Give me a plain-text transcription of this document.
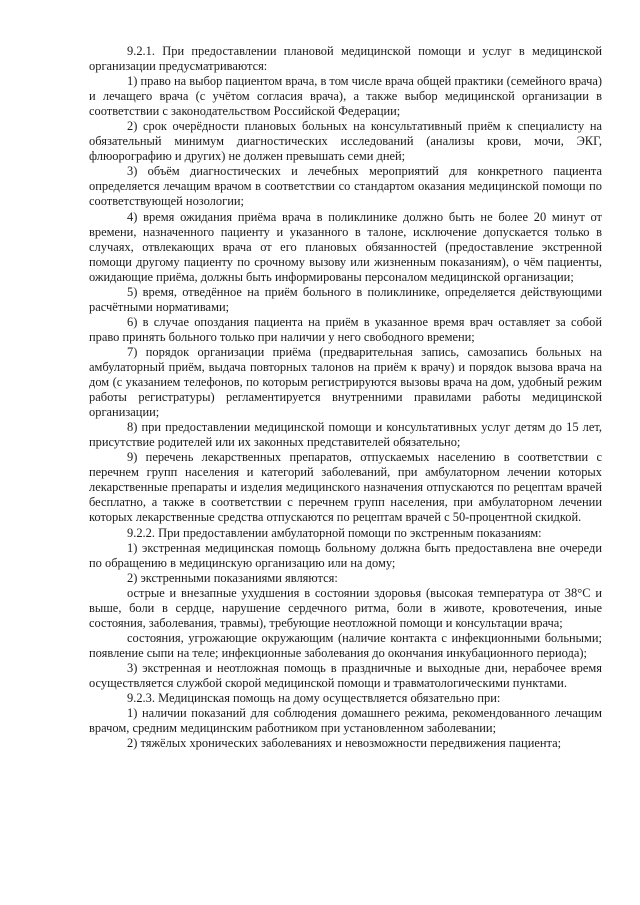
9.2.1. При предоставлении плановой медицинской помощи и услуг в медицинской организации предусматриваются:

1) право на выбор пациентом врача, в том числе врача общей практики (семейного врача) и лечащего врача (с учётом согласия врача), а также выбор медицинской организации в соответствии с законодательством Российской Федерации;

2) срок очерёдности плановых больных на консультативный приём к специалисту на обязательный минимум диагностических исследований (анализы крови, мочи, ЭКГ, флюорографию и других) не должен превышать семи дней;

3) объём диагностических и лечебных мероприятий для конкретного пациента определяется лечащим врачом в соответствии со стандартом оказания медицинской помощи по соответствующей нозологии;

4) время ожидания приёма врача в поликлинике должно быть не более 20 минут от времени, назначенного пациенту и указанного в талоне, исключение допускается только в случаях, отвлекающих врача от его плановых обязанностей (предоставление экстренной помощи другому пациенту по срочному вызову или жизненным показаниям), о чём пациенты, ожидающие приёма, должны быть информированы персоналом медицинской организации;

5) время, отведённое на приём больного в поликлинике, определяется действующими расчётными нормативами;

6) в случае опоздания пациента на приём в указанное время врач оставляет за собой право принять больного только при наличии у него свободного времени;

7) порядок организации приёма (предварительная запись, самозапись больных на амбулаторный приём, выдача повторных талонов на приём к врачу) и порядок вызова врача на дом (с указанием телефонов, по которым регистрируются вызовы врача на дом, удобный режим работы регистратуры) регламентируется внутренними правилами работы медицинской организации;

8) при предоставлении медицинской помощи и консультативных услуг детям до 15 лет, присутствие родителей или их законных представителей обязательно;

9) перечень лекарственных препаратов, отпускаемых населению в соответствии с перечнем групп населения и категорий заболеваний, при амбулаторном лечении которых лекарственные препараты и изделия медицинского назначения отпускаются по рецептам врачей бесплатно, а также в соответствии с перечнем групп населения, при амбулаторном лечении которых лекарственные средства отпускаются по рецептам врачей с 50-процентной скидкой.

9.2.2. При предоставлении амбулаторной помощи по экстренным показаниям:

1) экстренная медицинская помощь больному должна быть предоставлена вне очереди по обращению в медицинскую организацию или на дому;

2) экстренными показаниями являются:

острые и внезапные ухудшения в состоянии здоровья (высокая температура от 38°С и выше, боли в сердце, нарушение сердечного ритма, боли в животе, кровотечения, иные состояния, заболевания, травмы), требующие неотложной помощи и консультации врача;

состояния, угрожающие окружающим (наличие контакта с инфекционными больными; появление сыпи на теле; инфекционные заболевания до окончания инкубационного периода);

3) экстренная и неотложная помощь в праздничные и выходные дни, нерабочее время осуществляется службой скорой медицинской помощи и травматологическими пунктами.

9.2.3. Медицинская помощь на дому осуществляется обязательно при:

1) наличии показаний для соблюдения домашнего режима, рекомендованного лечащим врачом, средним медицинским работником при установленном заболевании;

2) тяжёлых хронических заболеваниях и невозможности передвижения пациента;
